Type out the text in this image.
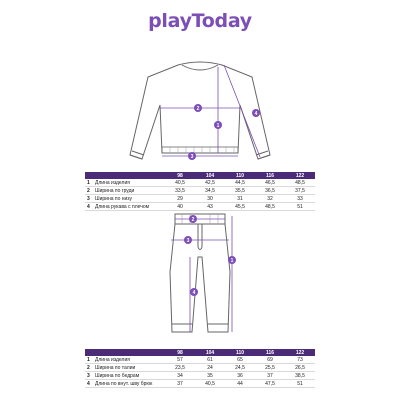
playToday
1
2
3
4
		98	104	110	116	122
1	Длина изделия	40,5	42,5	44,5	46,5	48,5
2	Ширина по груди	33,5	34,5	35,5	36,5	37,5
3	Ширина по низу	29	30	31	32	33
4	Длина рукава с плечом	40	43	45,5	48,5	51
1
2
3
4
		98	104	110	116	122
1	Длина изделия	57	61	65	69	73
2	Ширина по талии	23,5	24	24,5	25,5	26,5
3	Ширина по бедрам	34	35	36	37	38,5
4	Длина по внут. шву брюк	37	40,5	44	47,5	51
